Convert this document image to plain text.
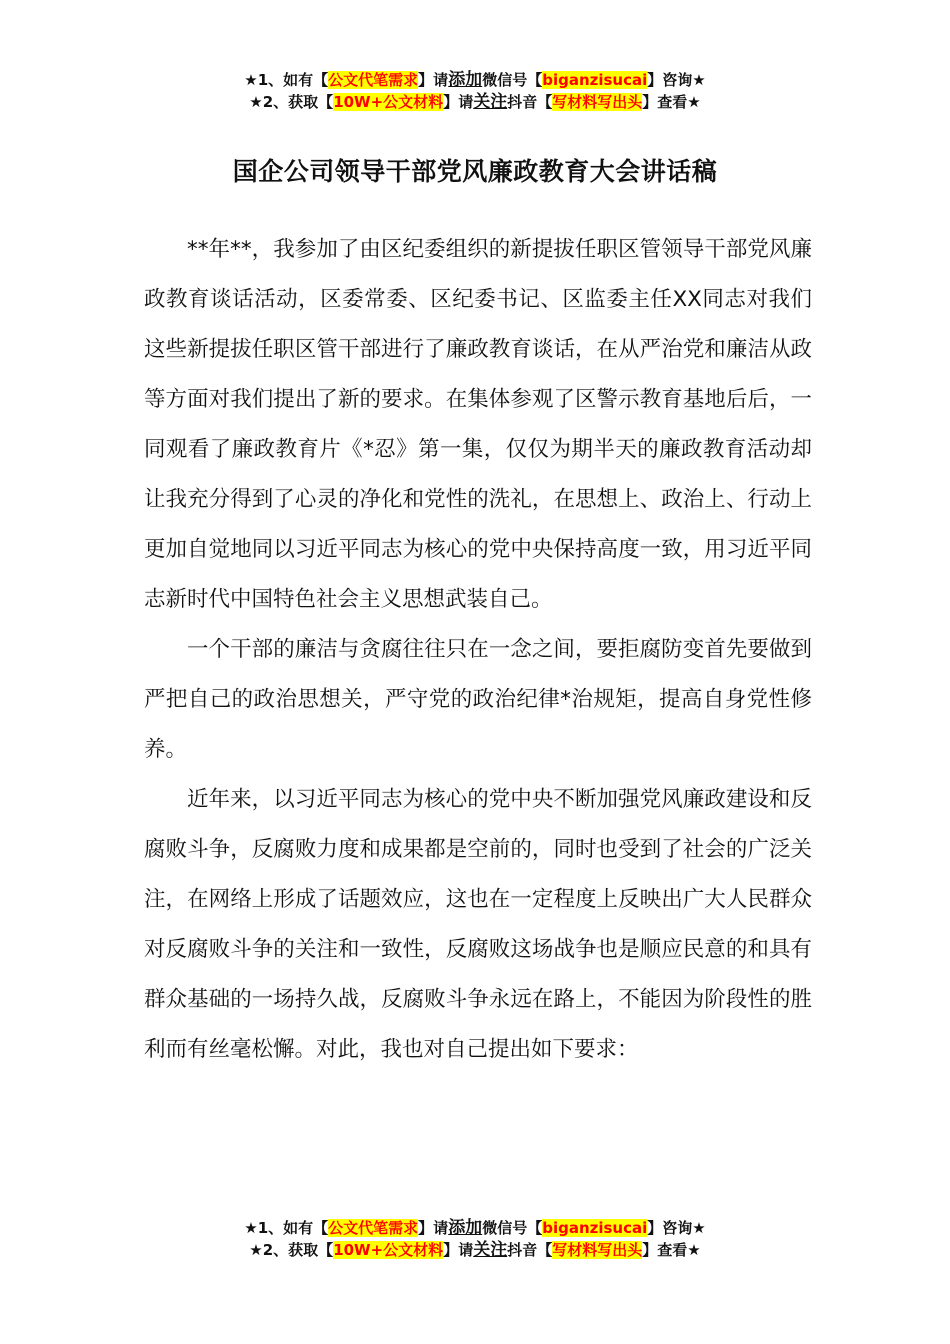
★1、如有【公文代笔需求】请添加微信号【biganzisucai】咨询★
★2、获取【10W+公文材料】请关注抖音【写材料写出头】查看★
国企公司领导干部党风廉政教育大会讲话稿

**年**，我参加了由区纪委组织的新提拔任职区管领导干部党风廉政教育谈话活动，区委常委、区纪委书记、区监委主任XX同志对我们这些新提拔任职区管干部进行了廉政教育谈话，在从严治党和廉洁从政等方面对我们提出了新的要求。在集体参观了区警示教育基地后后，一同观看了廉政教育片《*忍》第一集，仅仅为期半天的廉政教育活动却让我充分得到了心灵的净化和党性的洗礼，在思想上、政治上、行动上更加自觉地同以习近平同志为核心的党中央保持高度一致，用习近平同志新时代中国特色社会主义思想武装自己。

一个干部的廉洁与贪腐往往只在一念之间，要拒腐防变首先要做到严把自己的政治思想关，严守党的政治纪律*治规矩，提高自身党性修养。

近年来，以习近平同志为核心的党中央不断加强党风廉政建设和反腐败斗争，反腐败力度和成果都是空前的，同时也受到了社会的广泛关注，在网络上形成了话题效应，这也在一定程度上反映出广大人民群众对反腐败斗争的关注和一致性，反腐败这场战争也是顺应民意的和具有群众基础的一场持久战，反腐败斗争永远在路上，不能因为阶段性的胜利而有丝毫松懈。对此，我也对自己提出如下要求：

★1、如有【公文代笔需求】请添加微信号【biganzisucai】咨询★
★2、获取【10W+公文材料】请关注抖音【写材料写出头】查看★
